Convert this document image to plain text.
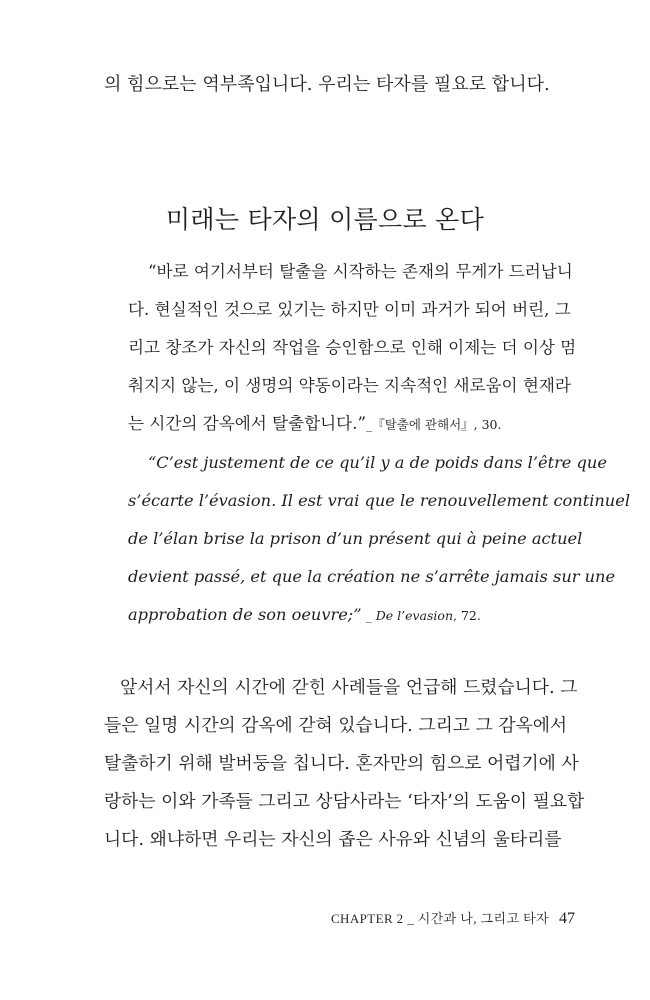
의 힘으로는 역부족입니다. 우리는 타자를 필요로 합니다.
미래는 타자의 이름으로 온다
“바로 여기서부터 탈출을 시작하는 존재의 무게가 드러납니
다. 현실적인 것으로 있기는 하지만 이미 과거가 되어 버린, 그
리고 창조가 자신의 작업을 승인함으로 인해 이제는 더 이상 멈
춰지지 않는, 이 생명의 약동이라는 지속적인 새로움이 현재라
는 시간의 감옥에서 탈출합니다.”_『탈출에 관해서』, 30.
“C’est justement de ce qu’il y a de poids dans l’être que
s’écarte l’évasion. Il est vrai que le renouvellement continuel
de l’élan brise la prison d’un présent qui à peine actuel
devient passé, et que la création ne s’arrête jamais sur une
approbation de son oeuvre;” _ De l’evasion, 72.
앞서서 자신의 시간에 갇힌 사례들을 언급해 드렸습니다. 그
들은 일명 시간의 감옥에 갇혀 있습니다. 그리고 그 감옥에서
탈출하기 위해 발버둥을 칩니다. 혼자만의 힘으로 어렵기에 사
랑하는 이와 가족들 그리고 상담사라는 ‘타자’의 도움이 필요합
니다. 왜냐하면 우리는 자신의 좁은 사유와 신념의 울타리를
CHAPTER 2 _ 시간과 나, 그리고 타자 47
